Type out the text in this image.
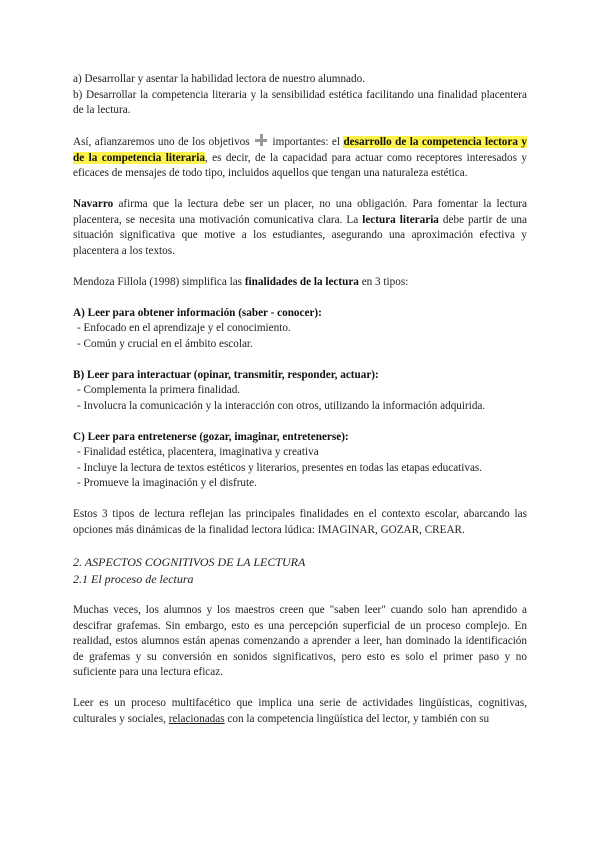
a) Desarrollar y asentar la habilidad lectora de nuestro alumnado.

b) Desarrollar la competencia literaria y la sensibilidad estética facilitando una finalidad placentera de la lectura.

Así, afianzaremos uno de los objetivos importantes: el desarrollo de la competencia lectora y de la competencia literaria, es decir, de la capacidad para actuar como receptores interesados y eficaces de mensajes de todo tipo, incluidos aquellos que tengan una naturaleza estética.

Navarro afirma que la lectura debe ser un placer, no una obligación. Para fomentar la lectura placentera, se necesita una motivación comunicativa clara. La lectura literaria debe partir de una situación significativa que motive a los estudiantes, asegurando una aproximación efectiva y placentera a los textos.

Mendoza Fillola (1998) simplifica las finalidades de la lectura en 3 tipos:

A) Leer para obtener información (saber - conocer):

- Enfocado en el aprendizaje y el conocimiento.

- Común y crucial en el ámbito escolar.

B) Leer para interactuar (opinar, transmitir, responder, actuar):

- Complementa la primera finalidad.

- Involucra la comunicación y la interacción con otros, utilizando la información adquirida.

C) Leer para entretenerse (gozar, imaginar, entretenerse):

- Finalidad estética, placentera, imaginativa y creativa

- Incluye la lectura de textos estéticos y literarios, presentes en todas las etapas educativas.

- Promueve la imaginación y el disfrute.

Estos 3 tipos de lectura reflejan las principales finalidades en el contexto escolar, abarcando las opciones más dinámicas de la finalidad lectora lúdica: IMAGINAR, GOZAR, CREAR.

2. ASPECTOS COGNITIVOS DE LA LECTURA

2.1 El proceso de lectura

Muchas veces, los alumnos y los maestros creen que "saben leer" cuando solo han aprendido a descifrar grafemas. Sin embargo, esto es una percepción superficial de un proceso complejo. En realidad, estos alumnos están apenas comenzando a aprender a leer, han dominado la identificación de grafemas y su conversión en sonidos significativos, pero esto es solo el primer paso y no suficiente para una lectura eficaz.

Leer es un proceso multifacético que implica una serie de actividades lingüísticas, cognitivas, culturales y sociales, relacionadas con la competencia lingüística del lector, y también con su
